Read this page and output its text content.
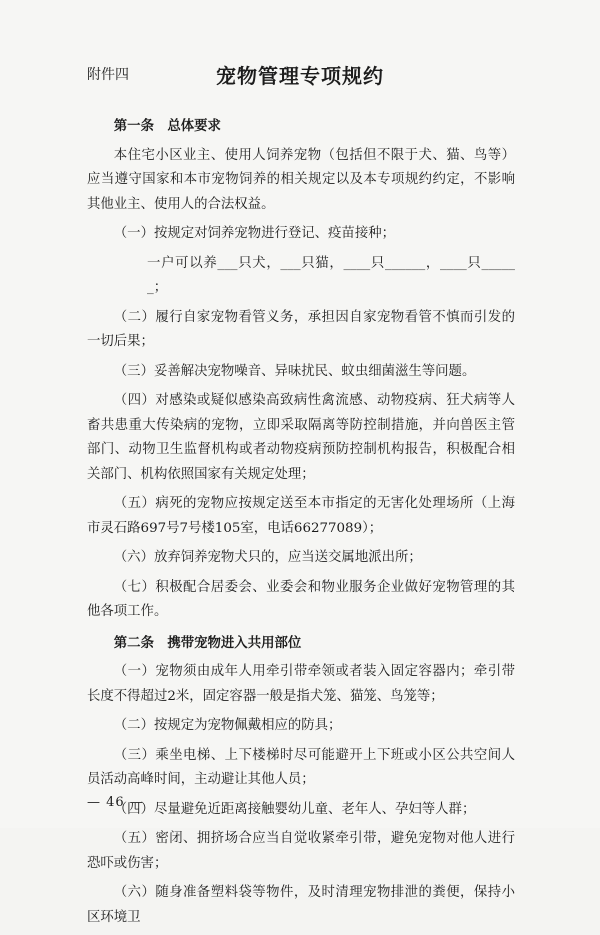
附件四	宠物管理专项规约

第一条　总体要求

本住宅小区业主、使用人饲养宠物（包括但不限于犬、猫、鸟等）应当遵守国家和本市宠物饲养的相关规定以及本专项规约约定，不影响其他业主、使用人的合法权益。

（一）按规定对饲养宠物进行登记、疫苗接种；

一户可以养___只犬，___只猫，____只______，____只______；

（二）履行自家宠物看管义务，承担因自家宠物看管不慎而引发的一切后果；

（三）妥善解决宠物噪音、异味扰民、蚊虫细菌滋生等问题。

（四）对感染或疑似感染高致病性禽流感、动物疫病、狂犬病等人畜共患重大传染病的宠物，立即采取隔离等防控制措施，并向兽医主管部门、动物卫生监督机构或者动物疫病预防控制机构报告，积极配合相关部门、机构依照国家有关规定处理；

（五）病死的宠物应按规定送至本市指定的无害化处理场所（上海市灵石路697号7号楼105室，电话66277089）；

（六）放弃饲养宠物犬只的，应当送交属地派出所；

（七）积极配合居委会、业委会和物业服务企业做好宠物管理的其他各项工作。

第二条　携带宠物进入共用部位

（一）宠物须由成年人用牵引带牵领或者装入固定容器内；牵引带长度不得超过2米，固定容器一般是指犬笼、猫笼、鸟笼等；

（二）按规定为宠物佩戴相应的防具；

（三）乘坐电梯、上下楼梯时尽可能避开上下班或小区公共空间人员活动高峰时间，主动避让其他人员；

（四）尽量避免近距离接触婴幼儿童、老年人、孕妇等人群；

（五）密闭、拥挤场合应当自觉收紧牵引带，避免宠物对他人进行恐吓或伤害；

（六）随身准备塑料袋等物件，及时清理宠物排泄的粪便，保持小区环境卫

— 46 —
